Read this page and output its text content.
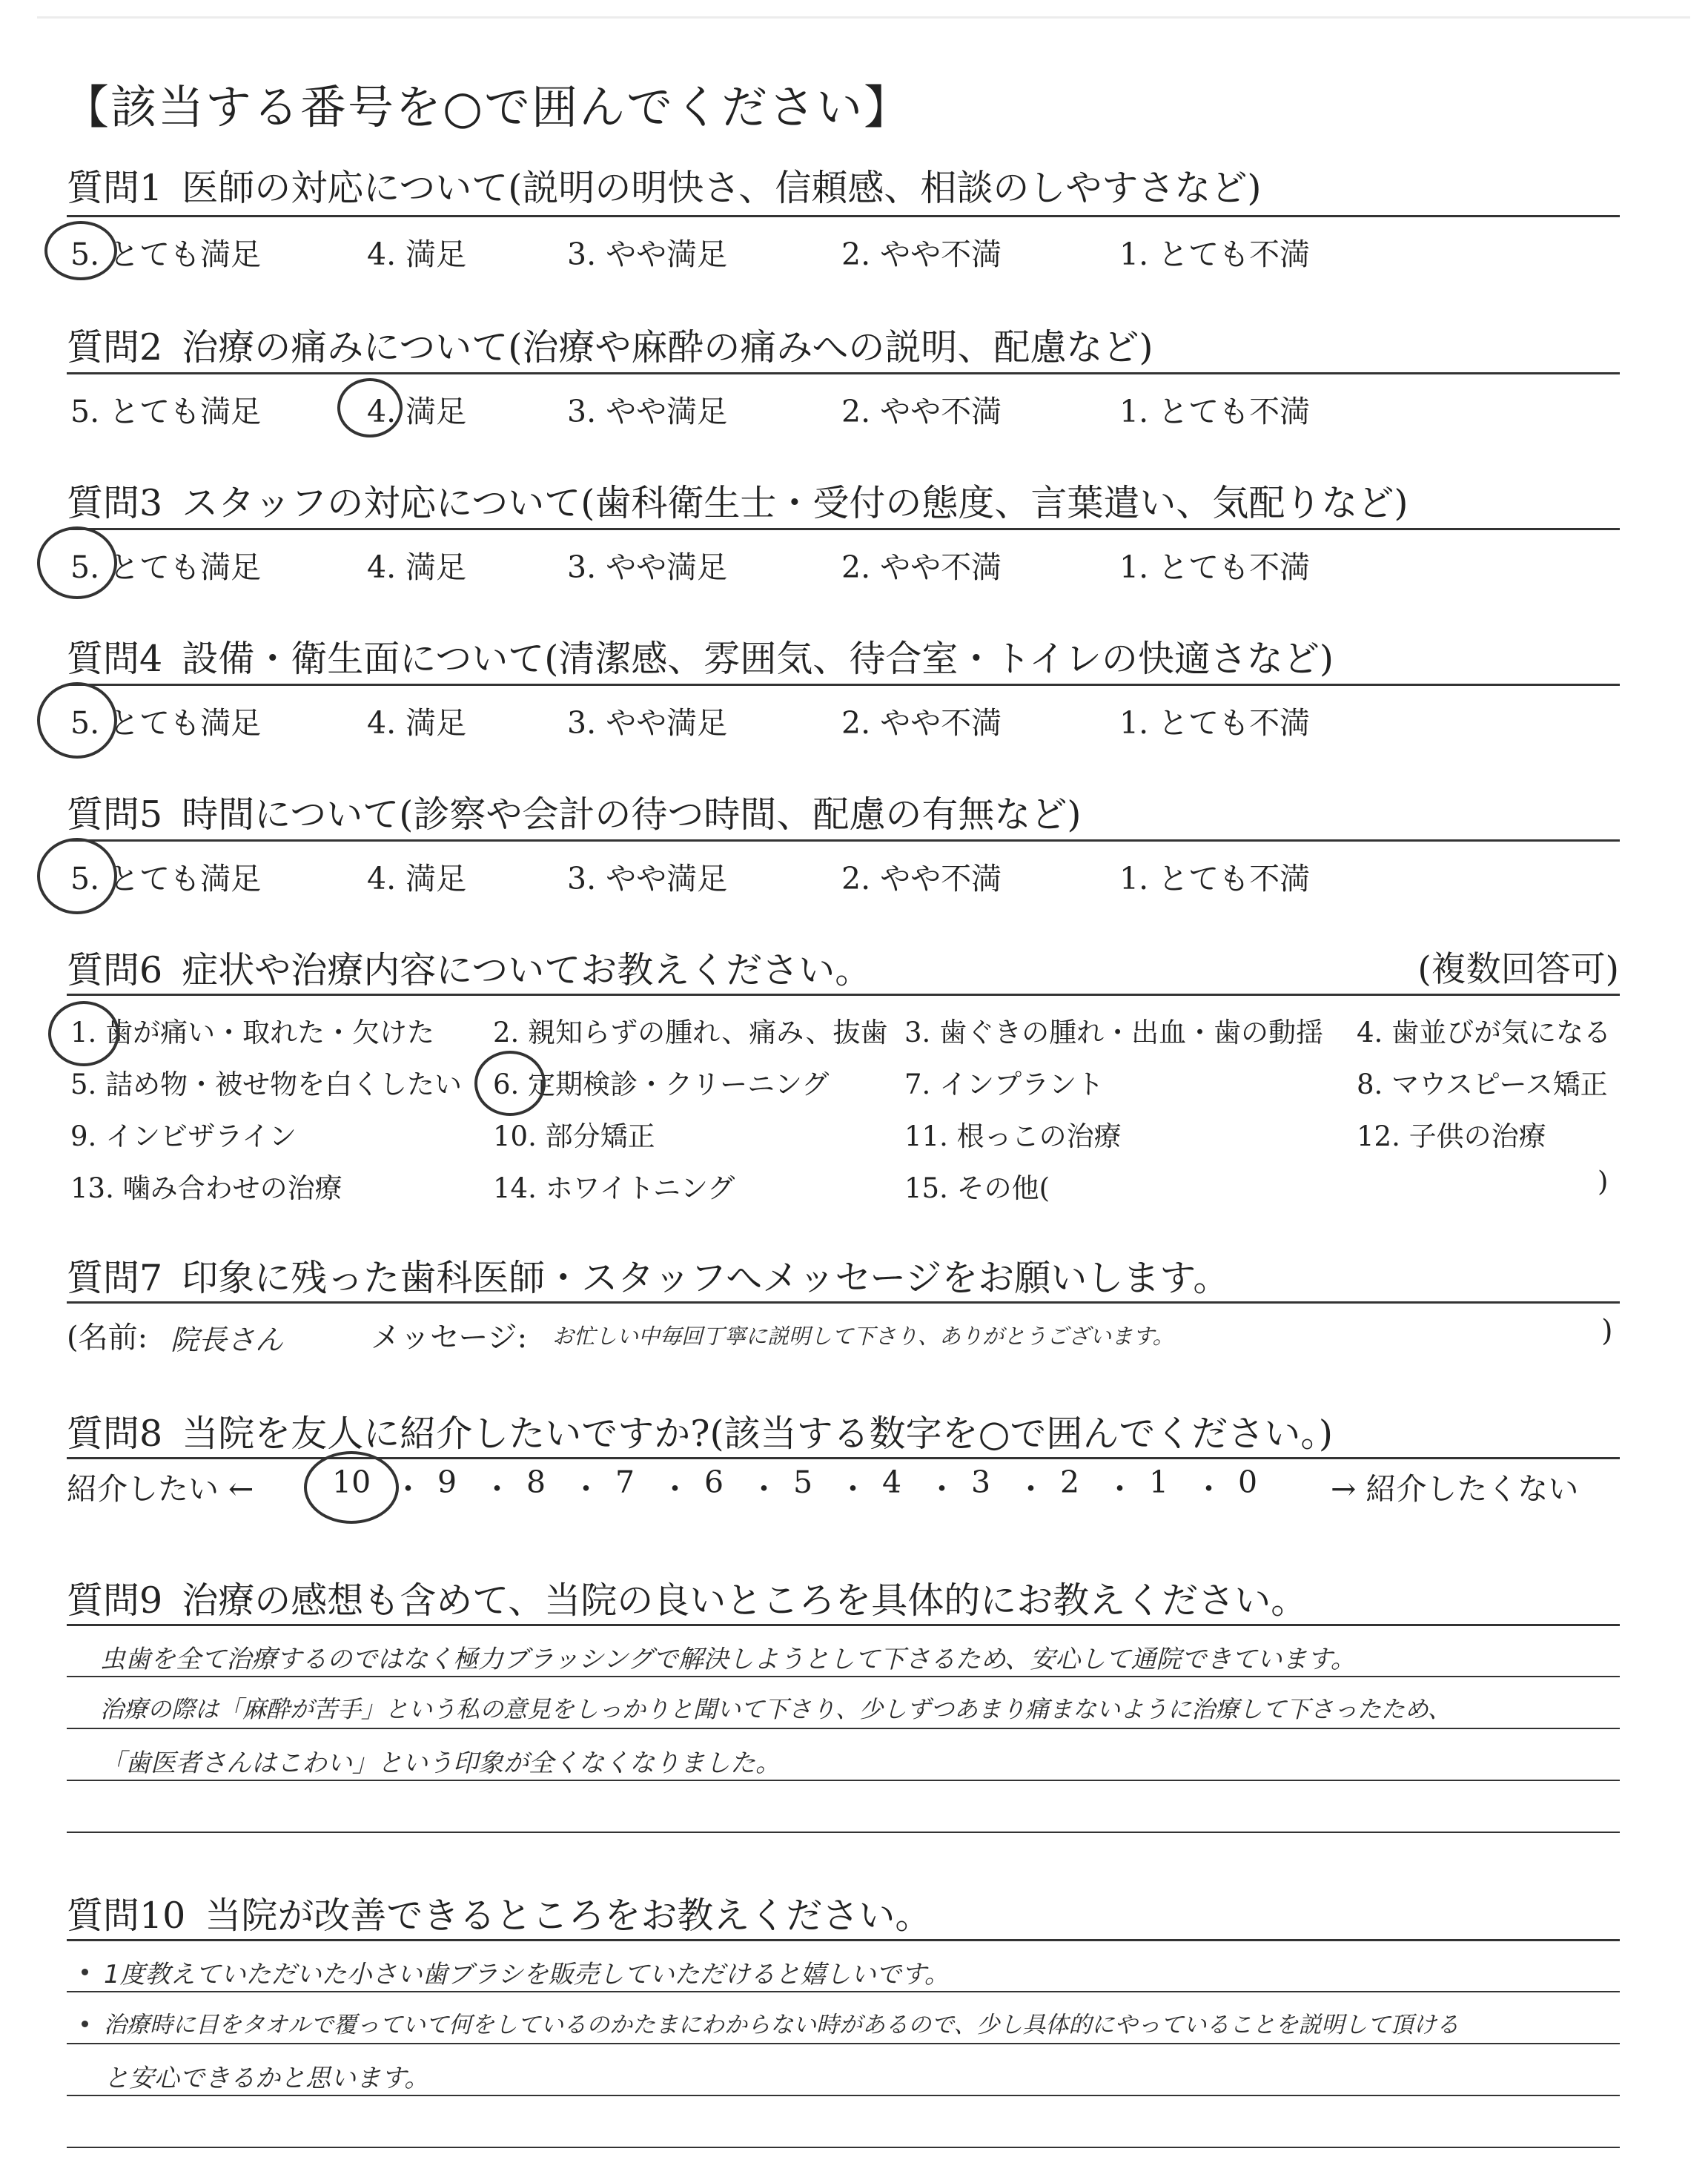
【該当する番号を○で囲んでください】
質問1 医師の対応について(説明の明快さ、信頼感、相談のしやすさなど)
5. とても満足	4. 満足	3. やや満足	2. やや不満	1. とても不満
質問2 治療の痛みについて(治療や麻酔の痛みへの説明、配慮など)
5. とても満足	4. 満足	3. やや満足	2. やや不満	1. とても不満
質問3 スタッフの対応について(歯科衛生士・受付の態度、言葉遣い、気配りなど)
5. とても満足	4. 満足	3. やや満足	2. やや不満	1. とても不満
質問4 設備・衛生面について(清潔感、雰囲気、待合室・トイレの快適さなど)
5. とても満足	4. 満足	3. やや満足	2. やや不満	1. とても不満
質問5 時間について(診察や会計の待つ時間、配慮の有無など)
5. とても満足	4. 満足	3. やや満足	2. やや不満	1. とても不満
質問6 症状や治療内容についてお教えください。	(複数回答可)
1. 歯が痛い・取れた・欠けた 2. 親知らずの腫れ、痛み、抜歯 3. 歯ぐきの腫れ・出血・歯の動揺 4. 歯並びが気になる
5. 詰め物・被せ物を白くしたい 6. 定期検診・クリーニング	7. インプラント	8. マウスピース矯正
9. インビザライン	10. 部分矯正	11. 根っこの治療	12. 子供の治療
13. 噛み合わせの治療	14. ホワイトニング	15. その他(	)
質問7 印象に残った歯科医師・スタッフへメッセージをお願いします。
(名前: 院長さん	メッセージ: お忙しい中毎回丁寧に説明して下さり、ありがとうございます。	)
質問8 当院を友人に紹介したいですか?(該当する数字を○で囲んでください。)
紹介したい ←	10 ・ 9 ・ 8 ・ 7 ・ 6 ・ 5 ・ 4 ・ 3 ・ 2 ・ 1 ・ 0 → 紹介したくない
質問9 治療の感想も含めて、当院の良いところを具体的にお教えください。
虫歯を全て治療するのではなく極力ブラッシングで解決しようとして下さるため、安心して通院できています。
治療の際は「麻酔が苦手」という私の意見をしっかりと聞いて下さり、少しずつあまり痛まないように治療して下さったため、
「歯医者さんはこわい」という印象が全くなくなりました。
質問10 当院が改善できるところをお教えください。
1度教えていただいた小さい歯ブラシを販売していただけると嬉しいです。
治療時に目をタオルで覆っていて何をしているのかたまにわからない時があるので、少し具体的にやっていることを説明して頂ける
と安心できるかと思います。
